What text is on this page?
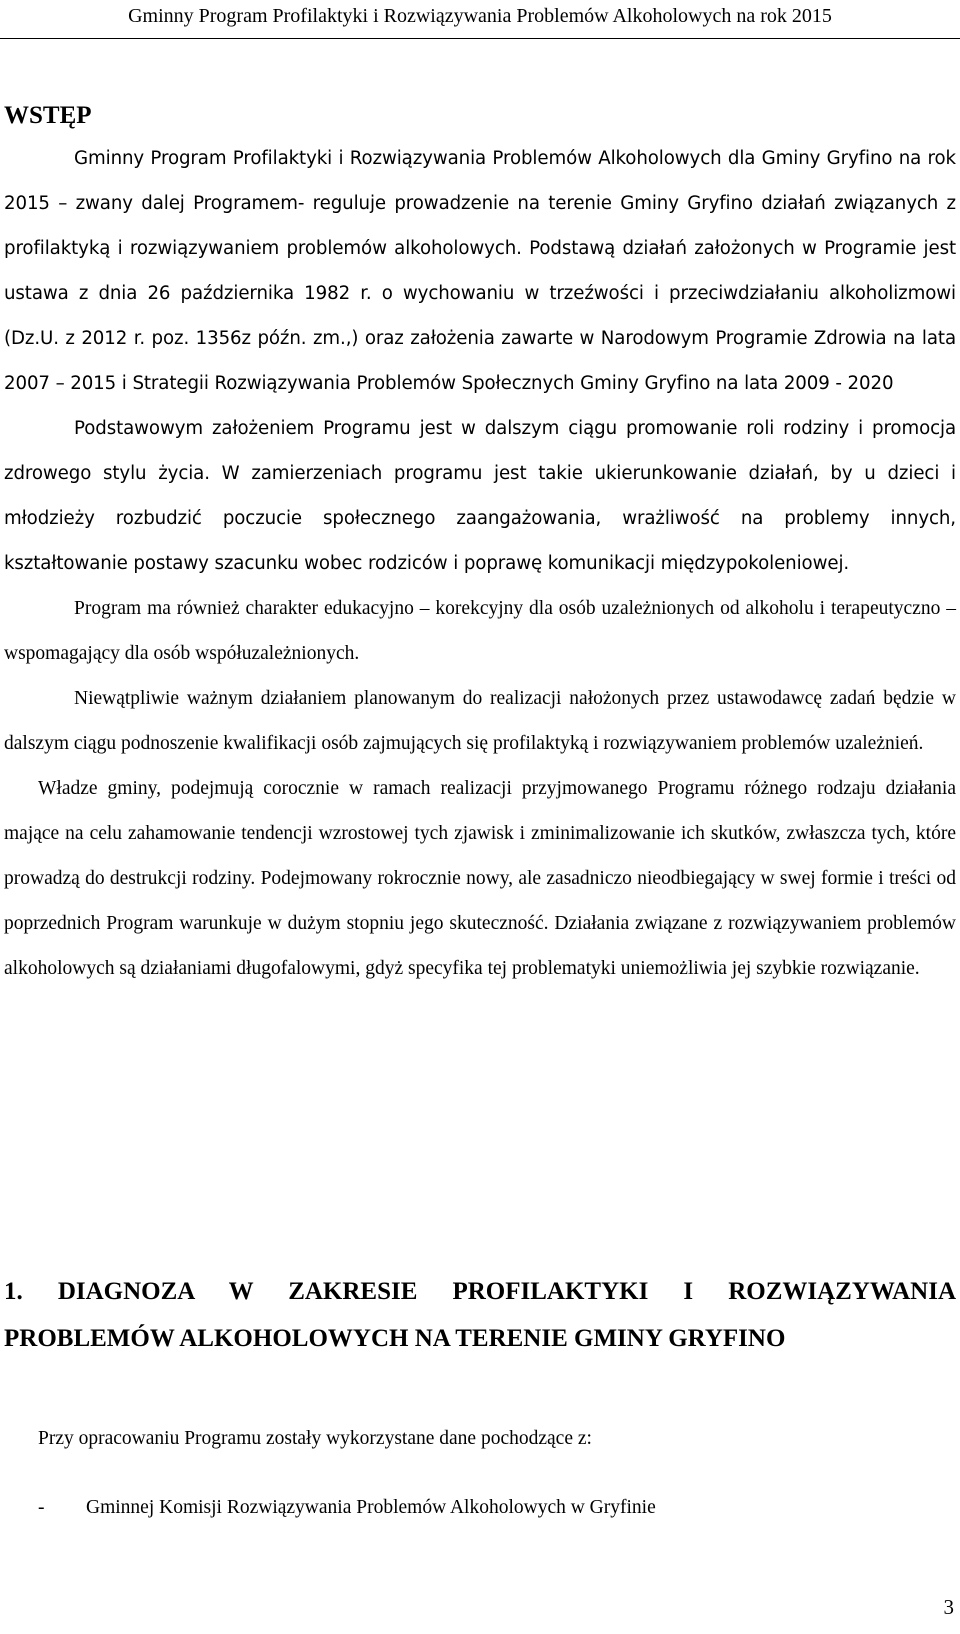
Gminny Program Profilaktyki i Rozwiązywania Problemów Alkoholowych na rok 2015
WSTĘP

Gminny Program Profilaktyki i Rozwiązywania Problemów Alkoholowych dla Gminy Gryfino na rok 2015 – zwany dalej Programem- reguluje prowadzenie na terenie Gminy Gryfino działań związanych z profilaktyką i rozwiązywaniem problemów alkoholowych. Podstawą działań założonych w Programie jest ustawa z dnia 26 października 1982 r. o wychowaniu w trzeźwości i przeciwdziałaniu alkoholizmowi (Dz.U. z 2012 r. poz. 1356z późn. zm.,) oraz założenia zawarte w Narodowym Programie Zdrowia na lata 2007 – 2015 i Strategii Rozwiązywania Problemów Społecznych Gminy Gryfino na lata 2009 - 2020

Podstawowym założeniem Programu jest w dalszym ciągu promowanie roli rodziny i promocja zdrowego stylu życia. W zamierzeniach programu jest takie ukierunkowanie działań, by u dzieci i młodzieży rozbudzić poczucie społecznego zaangażowania, wrażliwość na problemy innych, kształtowanie postawy szacunku wobec rodziców i poprawę komunikacji międzypokoleniowej.

Program ma również charakter edukacyjno – korekcyjny dla osób uzależnionych od alkoholu i terapeutyczno – wspomagający dla osób współuzależnionych.

Niewątpliwie ważnym działaniem planowanym do realizacji nałożonych przez ustawodawcę zadań będzie w dalszym ciągu podnoszenie kwalifikacji osób zajmujących się profilaktyką i rozwiązywaniem problemów uzależnień.

Władze gminy, podejmują corocznie w ramach realizacji przyjmowanego Programu różnego rodzaju działania mające na celu zahamowanie tendencji wzrostowej tych zjawisk i zminimalizowanie ich skutków, zwłaszcza tych, które prowadzą do destrukcji rodziny. Podejmowany rokrocznie nowy, ale zasadniczo nieodbiegający w swej formie i treści od poprzednich Program warunkuje w dużym stopniu jego skuteczność. Działania związane z rozwiązywaniem problemów alkoholowych są działaniami długofalowymi, gdyż specyfika tej problematyki uniemożliwia jej szybkie rozwiązanie.

1. DIAGNOZA W ZAKRESIE PROFILAKTYKI I ROZWIĄZYWANIA PROBLEMÓW ALKOHOLOWYCH NA TERENIE GMINY GRYFINO

Przy opracowaniu Programu zostały wykorzystane dane pochodzące z:

- Gminnej Komisji Rozwiązywania Problemów Alkoholowych w Gryfinie
3
